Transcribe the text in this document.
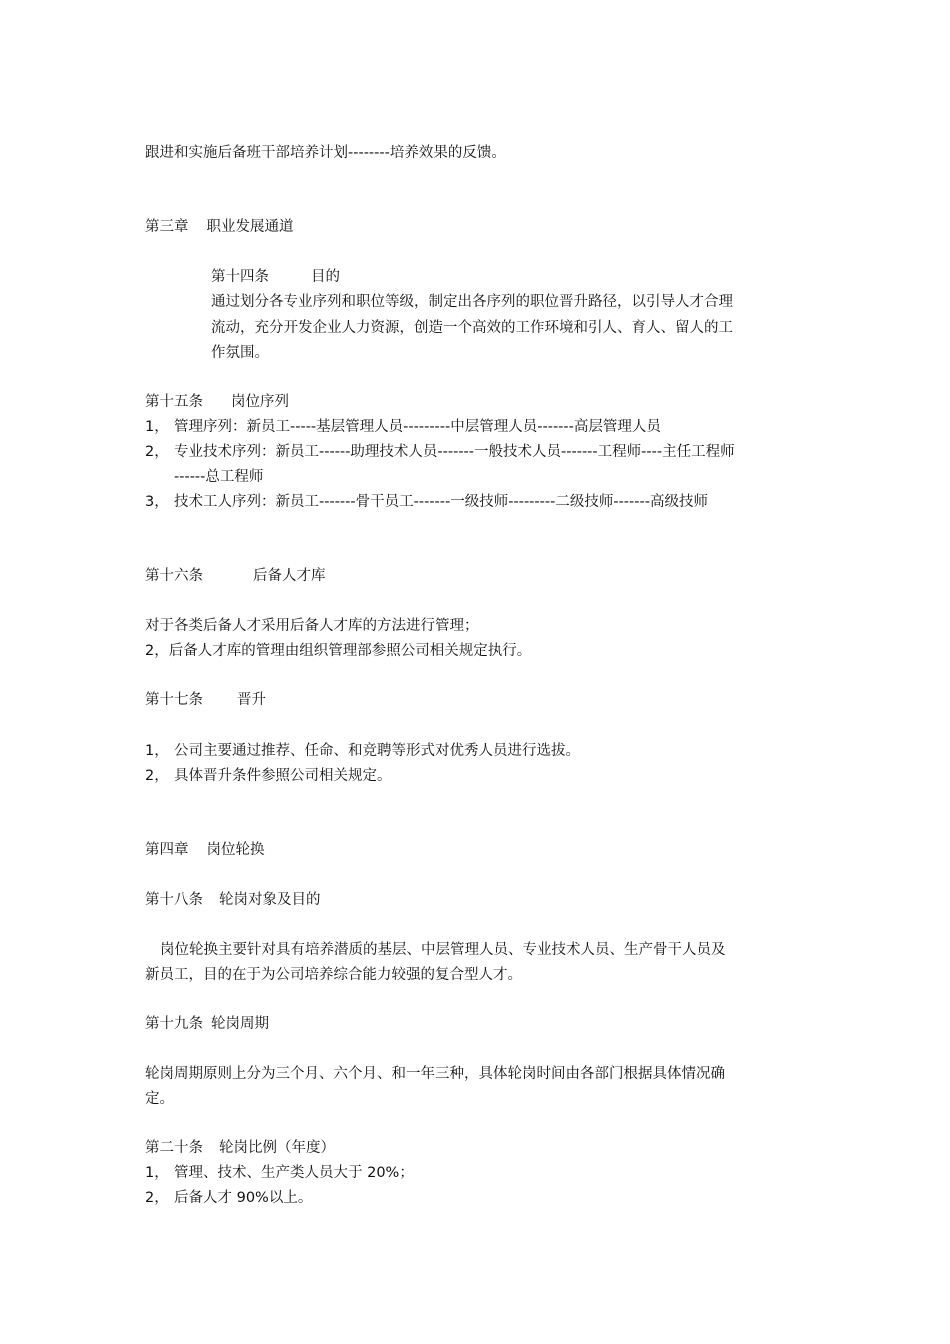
跟进和实施后备班干部培养计划--------培养效果的反馈。
第三章 职业发展通道
第十四条	目的
通过划分各专业序列和职位等级，制定出各序列的职位晋升路径，以引导人才合理
流动，充分开发企业人力资源，创造一个高效的工作环境和引人、育人、留人的工
作氛围。
第十五条 岗位序列
1， 管理序列：新员工-----基层管理人员---------中层管理人员-------高层管理人员
2， 专业技术序列：新员工------助理技术人员-------一般技术人员-------工程师----主任工程师
------总工程师
3， 技术工人序列：新员工-------骨干员工-------一级技师---------二级技师-------高级技师
第十六条	后备人才库
对于各类后备人才采用后备人才库的方法进行管理；
2，后备人才库的管理由组织管理部参照公司相关规定执行。
第十七条 晋升
1， 公司主要通过推荐、任命、和竞聘等形式对优秀人员进行选拔。
2， 具体晋升条件参照公司相关规定。
第四章 岗位轮换
第十八条 轮岗对象及目的
岗位轮换主要针对具有培养潜质的基层、中层管理人员、专业技术人员、生产骨干人员及
新员工，目的在于为公司培养综合能力较强的复合型人才。
第十九条 轮岗周期
轮岗周期原则上分为三个月、六个月、和一年三种，具体轮岗时间由各部门根据具体情况确
定。
第二十条 轮岗比例（年度）
1， 管理、技术、生产类人员大于 20%；
2， 后备人才 90%以上。
